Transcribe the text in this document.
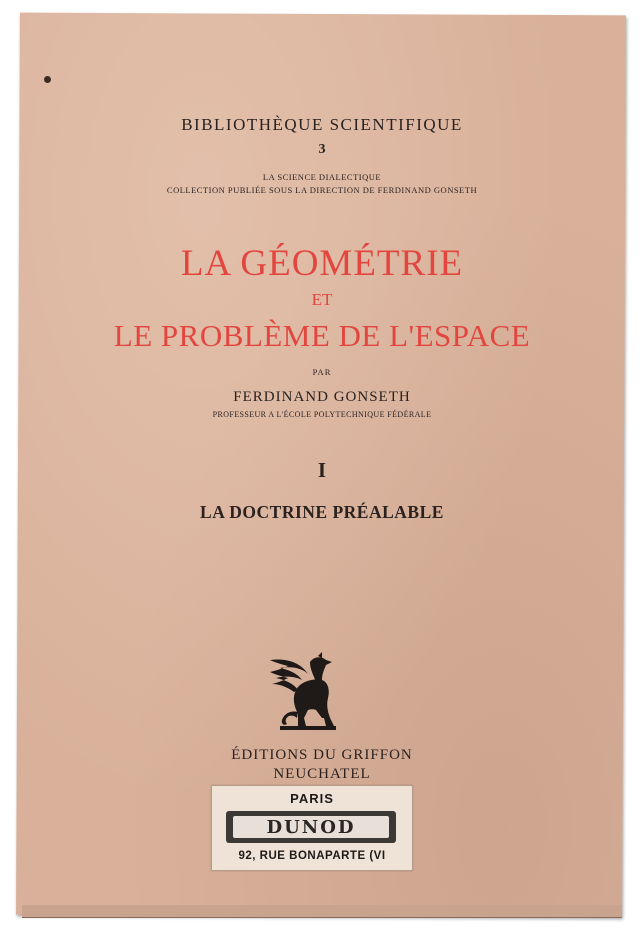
BIBLIOTHÈQUE SCIENTIFIQUE
3
LA SCIENCE DIALECTIQUE
COLLECTION PUBLIÉE SOUS LA DIRECTION DE FERDINAND GONSETH
LA GÉOMÉTRIE
ET
LE PROBLÈME DE L'ESPACE
PAR
FERDINAND GONSETH
PROFESSEUR A L'ÉCOLE POLYTECHNIQUE FÉDÉRALE
I
LA DOCTRINE PRÉALABLE
ÉDITIONS DU GRIFFON
NEUCHATEL
PARIS
DUNOD
92, RUE BONAPARTE (VI
